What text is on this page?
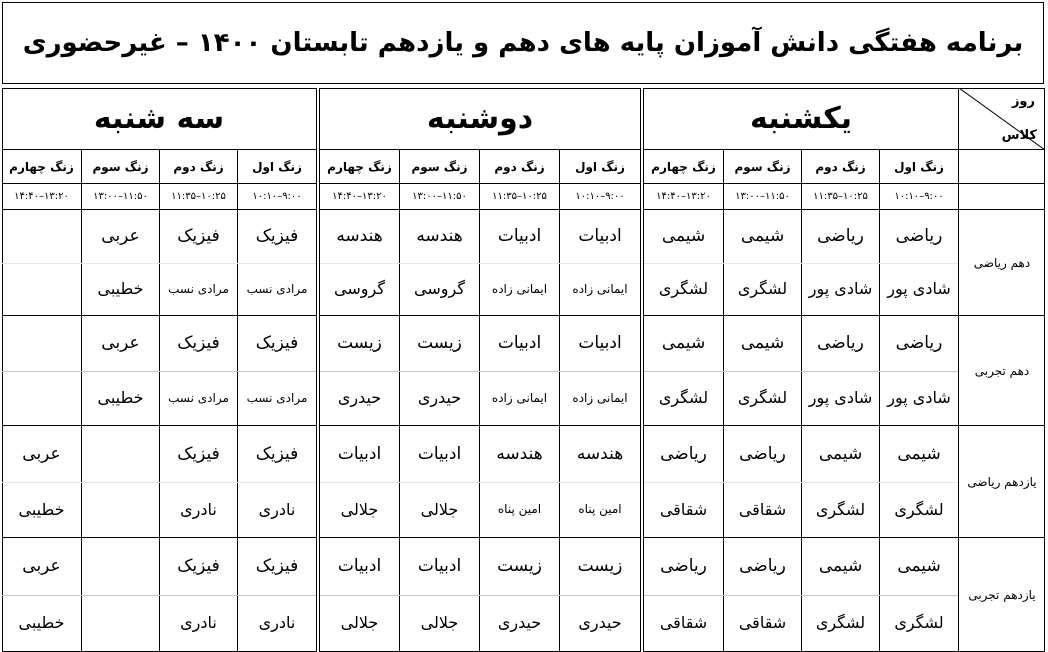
برنامه هفتگی دانش آموزان پایه های دهم و یازدهم تابستان ۱۴۰۰ – غیرحضوری
یکشنبه
دوشنبه
سه شنبه	روز
کلاس
زنگ اول
۹:۰۰–۱۰:۱۰
زنگ دوم
۱۰:۲۵–۱۱:۳۵
زنگ سوم
۱۱:۵۰–۱۳:۰۰
زنگ چهارم
۱۳:۲۰–۱۴:۴۰
زنگ اول
۹:۰۰–۱۰:۱۰
زنگ دوم
۱۰:۲۵–۱۱:۳۵
زنگ سوم
۱۱:۵۰–۱۳:۰۰
زنگ چهارم
۱۳:۲۰–۱۴:۴۰
زنگ اول
۹:۰۰–۱۰:۱۰
زنگ دوم
۱۰:۲۵–۱۱:۳۵
زنگ سوم
۱۱:۵۰–۱۳:۰۰
زنگ چهارم
۱۳:۲۰–۱۴:۴۰
ریاضی
شادی پور
ریاضی
شادی پور
شیمی
لشگری
شیمی
لشگری
ادبیات
ایمانی زاده
ادبیات
ایمانی زاده
هندسه
گروسی
هندسه
گروسی
فیزیک
مرادی نسب
فیزیک
مرادی نسب
عربی
خطیبی
دهم ریاضی
ریاضی
شادی پور
ریاضی
شادی پور
شیمی
لشگری
شیمی
لشگری
ادبیات
ایمانی زاده
ادبیات
ایمانی زاده
زیست
حیدری
زیست
حیدری
فیزیک
مرادی نسب
فیزیک
مرادی نسب
عربی
خطیبی
دهم تجربی
شیمی
لشگری
شیمی
لشگری
ریاضی
شقاقی
ریاضی
شقاقی
هندسه
امین پناه
هندسه
امین پناه
ادبیات
جلالی
ادبیات
جلالی
فیزیک
نادری
فیزیک
نادری
عربی
خطیبی
یازدهم ریاضی
شیمی
لشگری
شیمی
لشگری
ریاضی
شقاقی
ریاضی
شقاقی
زیست
حیدری
زیست
حیدری
ادبیات
جلالی
ادبیات
جلالی
فیزیک
نادری
فیزیک
نادری
عربی
خطیبی
یازدهم تجربی
